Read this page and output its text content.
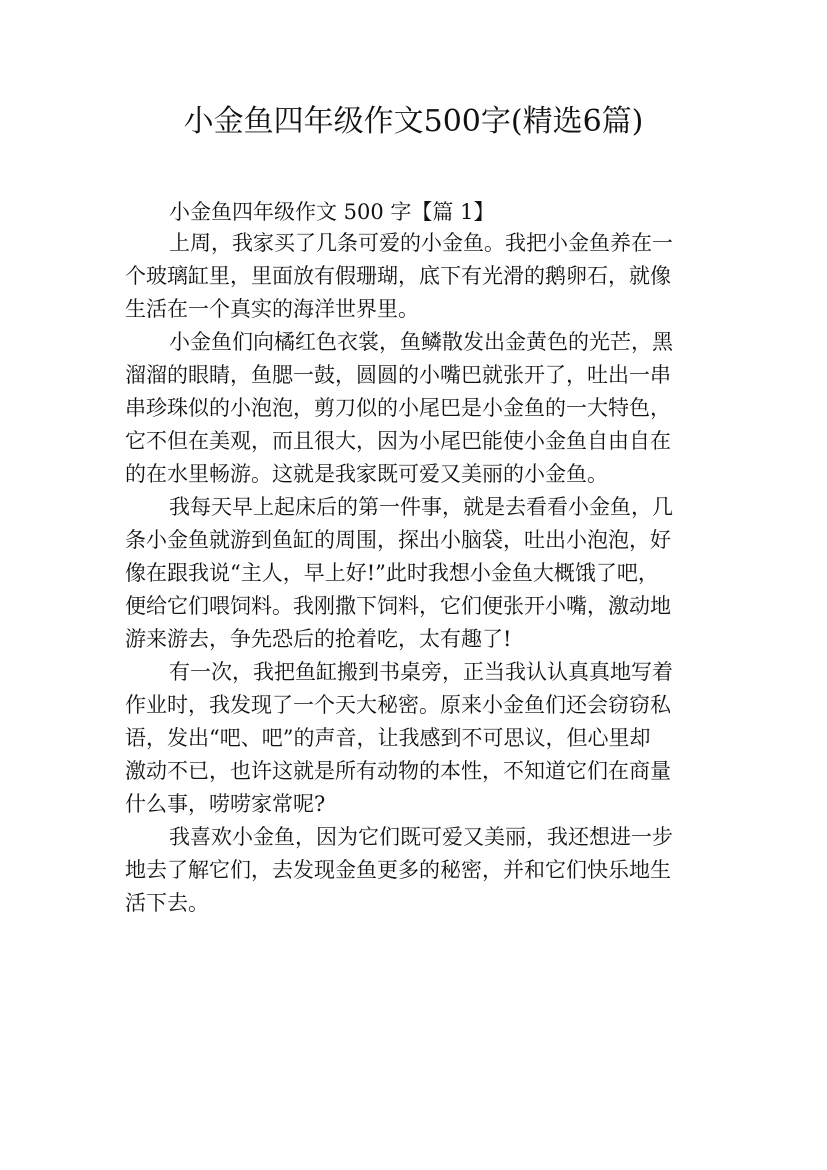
小金鱼四年级作文500字(精选6篇)
小金鱼四年级作文 500 字【篇 1】
上周，我家买了几条可爱的小金鱼。我把小金鱼养在一
个玻璃缸里，里面放有假珊瑚，底下有光滑的鹅卵石，就像
生活在一个真实的海洋世界里。
小金鱼们向橘红色衣裳，鱼鳞散发出金黄色的光芒，黑
溜溜的眼睛，鱼腮一鼓，圆圆的小嘴巴就张开了，吐出一串
串珍珠似的小泡泡，剪刀似的小尾巴是小金鱼的一大特色，
它不但在美观，而且很大，因为小尾巴能使小金鱼自由自在
的在水里畅游。这就是我家既可爱又美丽的小金鱼。
我每天早上起床后的第一件事，就是去看看小金鱼，几
条小金鱼就游到鱼缸的周围，探出小脑袋，吐出小泡泡，好
像在跟我说“主人，早上好!”此时我想小金鱼大概饿了吧，
便给它们喂饲料。我刚撒下饲料，它们便张开小嘴，激动地
游来游去，争先恐后的抢着吃，太有趣了!
有一次，我把鱼缸搬到书桌旁，正当我认认真真地写着
作业时，我发现了一个天大秘密。原来小金鱼们还会窃窃私
语，发出“吧、吧”的声音，让我感到不可思议，但心里却
激动不已，也许这就是所有动物的本性，不知道它们在商量
什么事，唠唠家常呢?
我喜欢小金鱼，因为它们既可爱又美丽，我还想进一步
地去了解它们，去发现金鱼更多的秘密，并和它们快乐地生
活下去。
